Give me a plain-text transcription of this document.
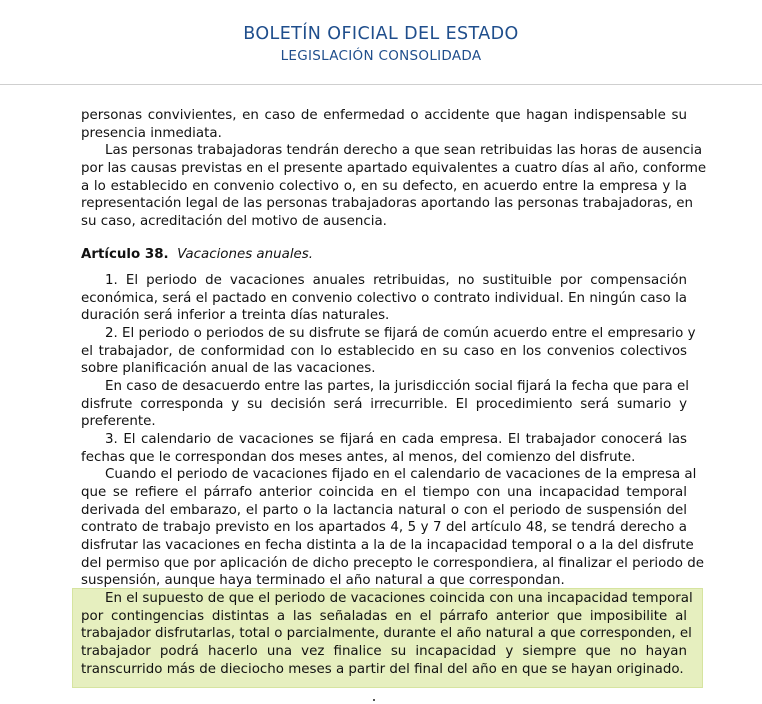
BOLETÍN OFICIAL DEL ESTADO
LEGISLACIÓN CONSOLIDADA
personas convivientes, en caso de enfermedad o accidente que hagan indispensable su
presencia inmediata.
Las personas trabajadoras tendrán derecho a que sean retribuidas las horas de ausencia
por las causas previstas en el presente apartado equivalentes a cuatro días al año, conforme
a lo establecido en convenio colectivo o, en su defecto, en acuerdo entre la empresa y la
representación legal de las personas trabajadoras aportando las personas trabajadoras, en
su caso, acreditación del motivo de ausencia.
Artículo 38. Vacaciones anuales.
1. El periodo de vacaciones anuales retribuidas, no sustituible por compensación
económica, será el pactado en convenio colectivo o contrato individual. En ningún caso la
duración será inferior a treinta días naturales.
2. El periodo o periodos de su disfrute se fijará de común acuerdo entre el empresario y
el trabajador, de conformidad con lo establecido en su caso en los convenios colectivos
sobre planificación anual de las vacaciones.
En caso de desacuerdo entre las partes, la jurisdicción social fijará la fecha que para el
disfrute corresponda y su decisión será irrecurrible. El procedimiento será sumario y
preferente.
3. El calendario de vacaciones se fijará en cada empresa. El trabajador conocerá las
fechas que le correspondan dos meses antes, al menos, del comienzo del disfrute.
Cuando el periodo de vacaciones fijado en el calendario de vacaciones de la empresa al
que se refiere el párrafo anterior coincida en el tiempo con una incapacidad temporal
derivada del embarazo, el parto o la lactancia natural o con el periodo de suspensión del
contrato de trabajo previsto en los apartados 4, 5 y 7 del artículo 48, se tendrá derecho a
disfrutar las vacaciones en fecha distinta a la de la incapacidad temporal o a la del disfrute
del permiso que por aplicación de dicho precepto le correspondiera, al finalizar el periodo de
suspensión, aunque haya terminado el año natural a que correspondan.
En el supuesto de que el periodo de vacaciones coincida con una incapacidad temporal
por contingencias distintas a las señaladas en el párrafo anterior que imposibilite al
trabajador disfrutarlas, total o parcialmente, durante el año natural a que corresponden, el
trabajador podrá hacerlo una vez finalice su incapacidad y siempre que no hayan
transcurrido más de dieciocho meses a partir del final del año en que se hayan originado.
